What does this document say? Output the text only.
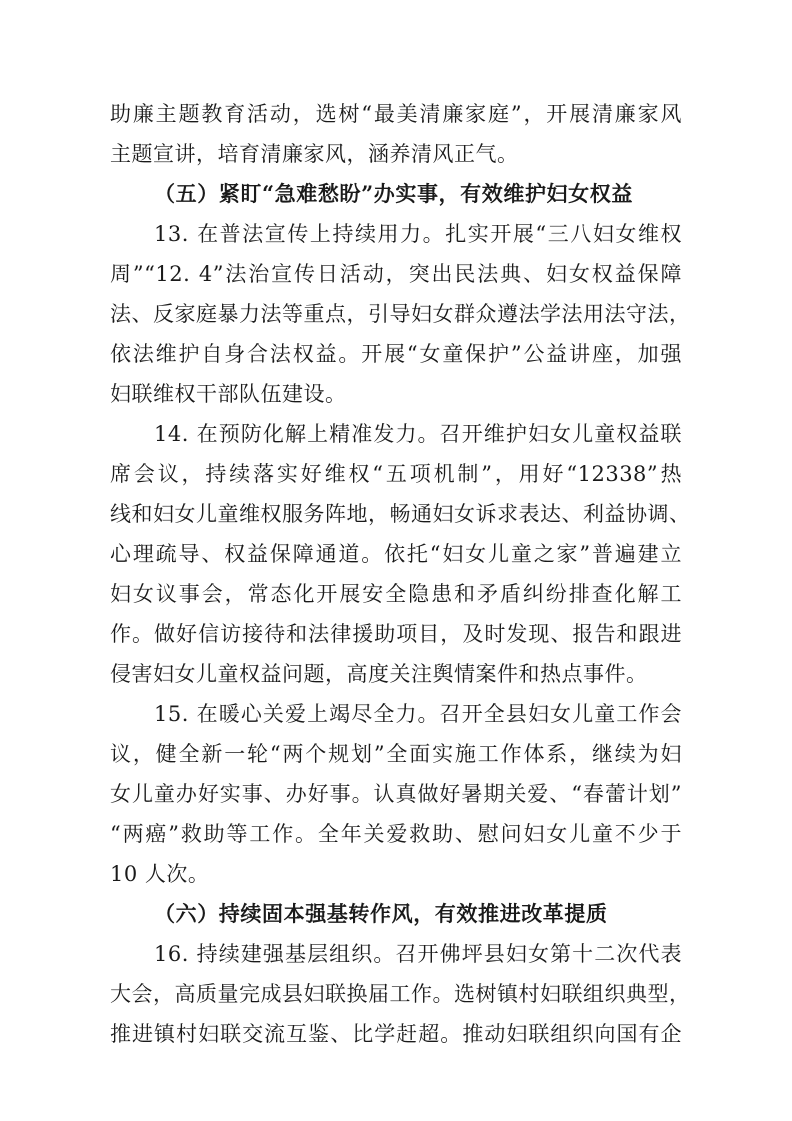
助廉主题教育活动，选树“最美清廉家庭”，开展清廉家风
主题宣讲，培育清廉家风，涵养清风正气。
（五）紧盯“急难愁盼”办实事，有效维护妇女权益
13. 在普法宣传上持续用力。扎实开展“三八妇女维权
周”“12. 4”法治宣传日活动，突出民法典、妇女权益保障
法、反家庭暴力法等重点，引导妇女群众遵法学法用法守法，
依法维护自身合法权益。开展“女童保护”公益讲座，加强
妇联维权干部队伍建设。
14. 在预防化解上精准发力。召开维护妇女儿童权益联
席会议，持续落实好维权“五项机制”，用好“12338”热
线和妇女儿童维权服务阵地，畅通妇女诉求表达、利益协调、
心理疏导、权益保障通道。依托“妇女儿童之家”普遍建立
妇女议事会，常态化开展安全隐患和矛盾纠纷排查化解工
作。做好信访接待和法律援助项目，及时发现、报告和跟进
侵害妇女儿童权益问题，高度关注舆情案件和热点事件。
15. 在暖心关爱上竭尽全力。召开全县妇女儿童工作会
议，健全新一轮“两个规划”全面实施工作体系，继续为妇
女儿童办好实事、办好事。认真做好暑期关爱、“春蕾计划”
“两癌”救助等工作。全年关爱救助、慰问妇女儿童不少于
10 人次。
（六）持续固本强基转作风，有效推进改革提质
16. 持续建强基层组织。召开佛坪县妇女第十二次代表
大会，高质量完成县妇联换届工作。选树镇村妇联组织典型，
推进镇村妇联交流互鉴、比学赶超。推动妇联组织向国有企
